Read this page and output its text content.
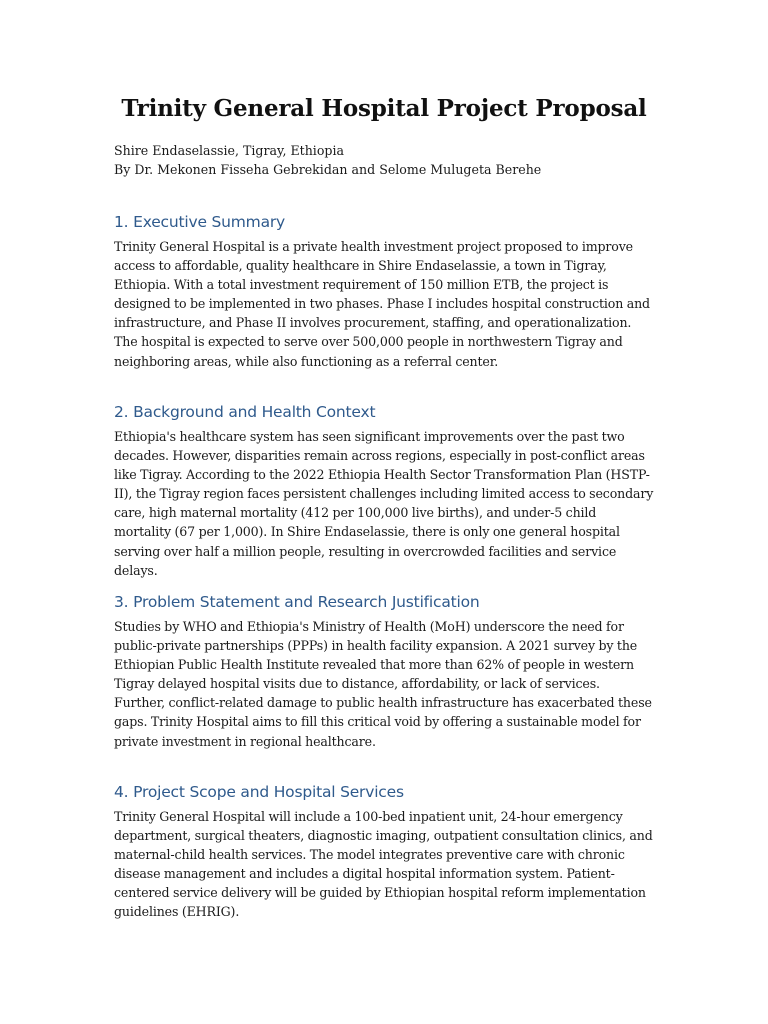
Trinity General Hospital Project Proposal
Shire Endaselassie, Tigray, Ethiopia
By Dr. Mekonen Fisseha Gebrekidan and Selome Mulugeta Berehe
1. Executive Summary

Trinity General Hospital is a private health investment project proposed to improve access to affordable, quality healthcare in Shire Endaselassie, a town in Tigray, Ethiopia. With a total investment requirement of 150 million ETB, the project is designed to be implemented in two phases. Phase I includes hospital construction and infrastructure, and Phase II involves procurement, staffing, and operationalization. The hospital is expected to serve over 500,000 people in northwestern Tigray and neighboring areas, while also functioning as a referral center.

2. Background and Health Context

Ethiopia's healthcare system has seen significant improvements over the past two decades. However, disparities remain across regions, especially in post-conflict areas like Tigray. According to the 2022 Ethiopia Health Sector Transformation Plan (HSTP-II), the Tigray region faces persistent challenges including limited access to secondary care, high maternal mortality (412 per 100,000 live births), and under-5 child mortality (67 per 1,000). In Shire Endaselassie, there is only one general hospital serving over half a million people, resulting in overcrowded facilities and service delays.

3. Problem Statement and Research Justification

Studies by WHO and Ethiopia's Ministry of Health (MoH) underscore the need for public-private partnerships (PPPs) in health facility expansion. A 2021 survey by the Ethiopian Public Health Institute revealed that more than 62% of people in western Tigray delayed hospital visits due to distance, affordability, or lack of services. Further, conflict-related damage to public health infrastructure has exacerbated these gaps. Trinity Hospital aims to fill this critical void by offering a sustainable model for private investment in regional healthcare.

4. Project Scope and Hospital Services

Trinity General Hospital will include a 100-bed inpatient unit, 24-hour emergency department, surgical theaters, diagnostic imaging, outpatient consultation clinics, and maternal-child health services. The model integrates preventive care with chronic disease management and includes a digital hospital information system. Patient-centered service delivery will be guided by Ethiopian hospital reform implementation guidelines (EHRIG).
